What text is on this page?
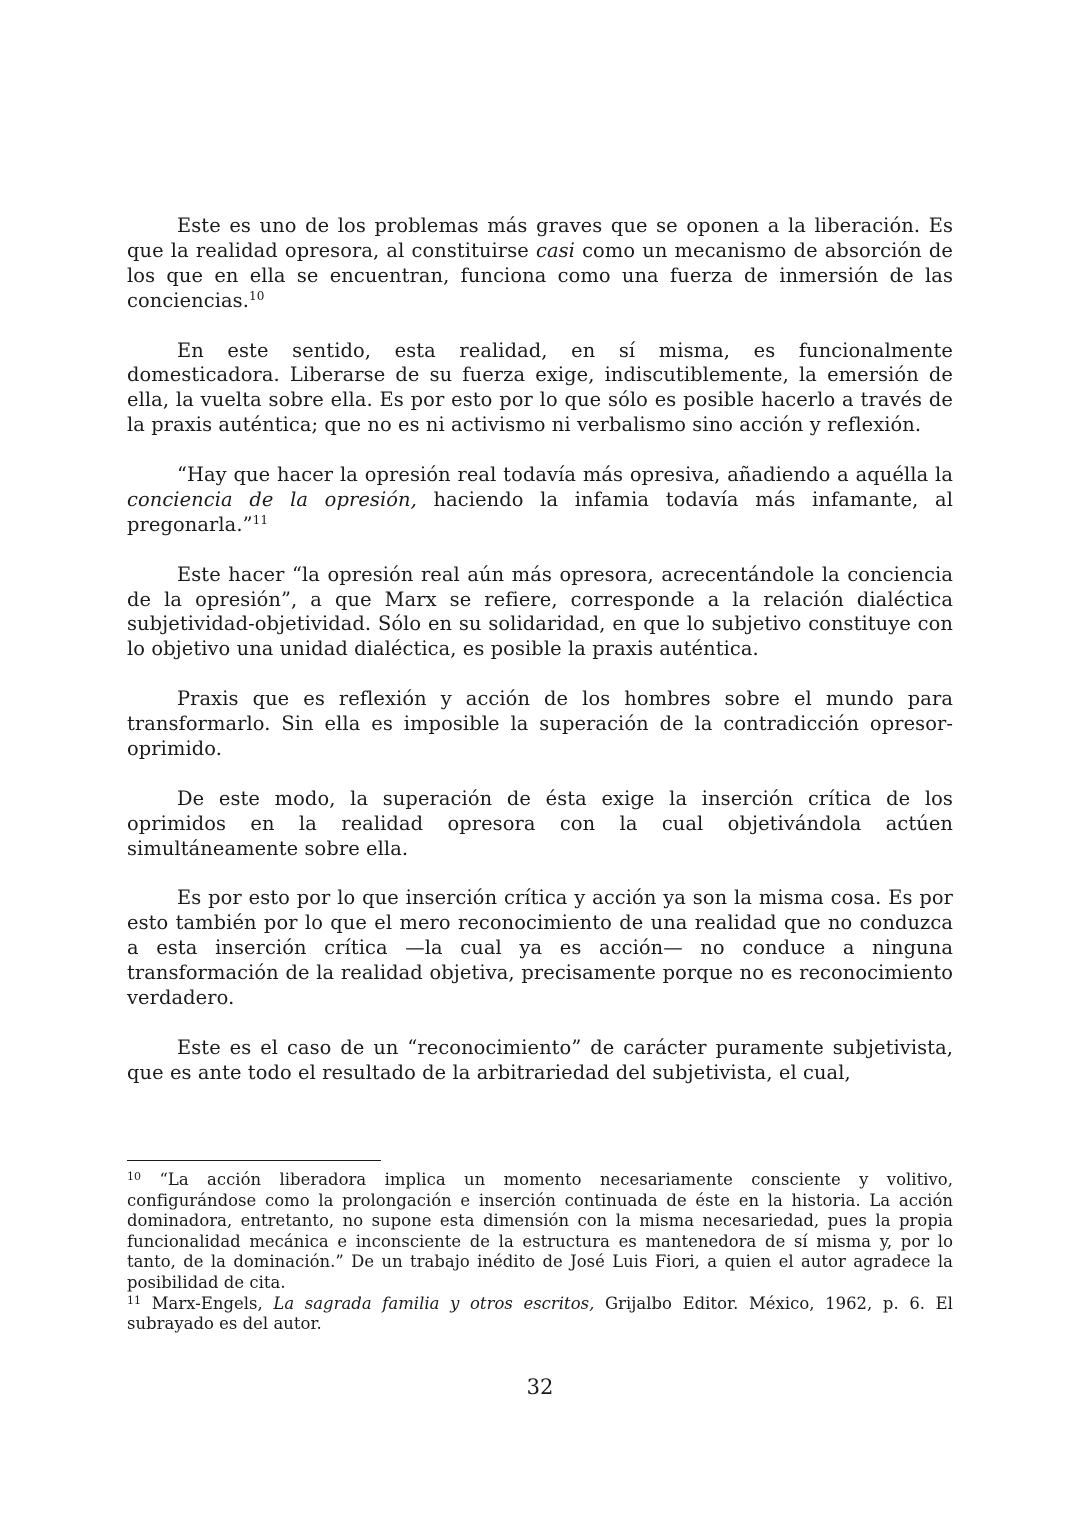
Este es uno de los problemas más graves que se oponen a la liberación. Es que la realidad opresora, al constituirse casi como un mecanismo de absorción de los que en ella se encuentran, funciona como una fuerza de inmersión de las conciencias.$^{10}$

En este sentido, esta realidad, en sí misma, es funcionalmente domesticadora. Liberarse de su fuerza exige, indiscutiblemente, la emersión de ella, la vuelta sobre ella. Es por esto por lo que sólo es posible hacerlo a través de la praxis auténtica; que no es ni activismo ni verbalismo sino acción y reflexión.

“Hay que hacer la opresión real todavía más opresiva, añadiendo a aquélla la conciencia de la opresión, haciendo la infamia todavía más infamante, al pregonarla.”$^{11}$

Este hacer “la opresión real aún más opresora, acrecentándole la conciencia de la opresión”, a que Marx se refiere, corresponde a la relación dialéctica subjetividad-objetividad. Sólo en su solidaridad, en que lo subjetivo constituye con lo objetivo una unidad dialéctica, es posible la praxis auténtica.

Praxis que es reflexión y acción de los hombres sobre el mundo para transformarlo. Sin ella es imposible la superación de la contradicción opresor-oprimido.

De este modo, la superación de ésta exige la inserción crítica de los oprimidos en la realidad opresora con la cual objetivándola actúen simultáneamente sobre ella.

Es por esto por lo que inserción crítica y acción ya son la misma cosa. Es por esto también por lo que el mero reconocimiento de una realidad que no conduzca a esta inserción crítica —la cual ya es acción— no conduce a ninguna transformación de la realidad objetiva, precisamente porque no es reconocimiento verdadero.

Este es el caso de un “reconocimiento” de carácter puramente subjetivista, que es ante todo el resultado de la arbitrariedad del subjetivista, el cual,

$^{10}$ “La acción liberadora implica un momento necesariamente consciente y volitivo, configurándose como la prolongación e inserción continuada de éste en la historia. La acción dominadora, entretanto, no supone esta dimensión con la misma necesariedad, pues la propia funcionalidad mecánica e inconsciente de la estructura es mantenedora de sí misma y, por lo tanto, de la dominación.” De un trabajo inédito de José Luis Fiori, a quien el autor agradece la posibilidad de cita.

$^{11}$ Marx-Engels, La sagrada familia y otros escritos, Grijalbo Editor. México, 1962, p. 6. El subrayado es del autor.

32
